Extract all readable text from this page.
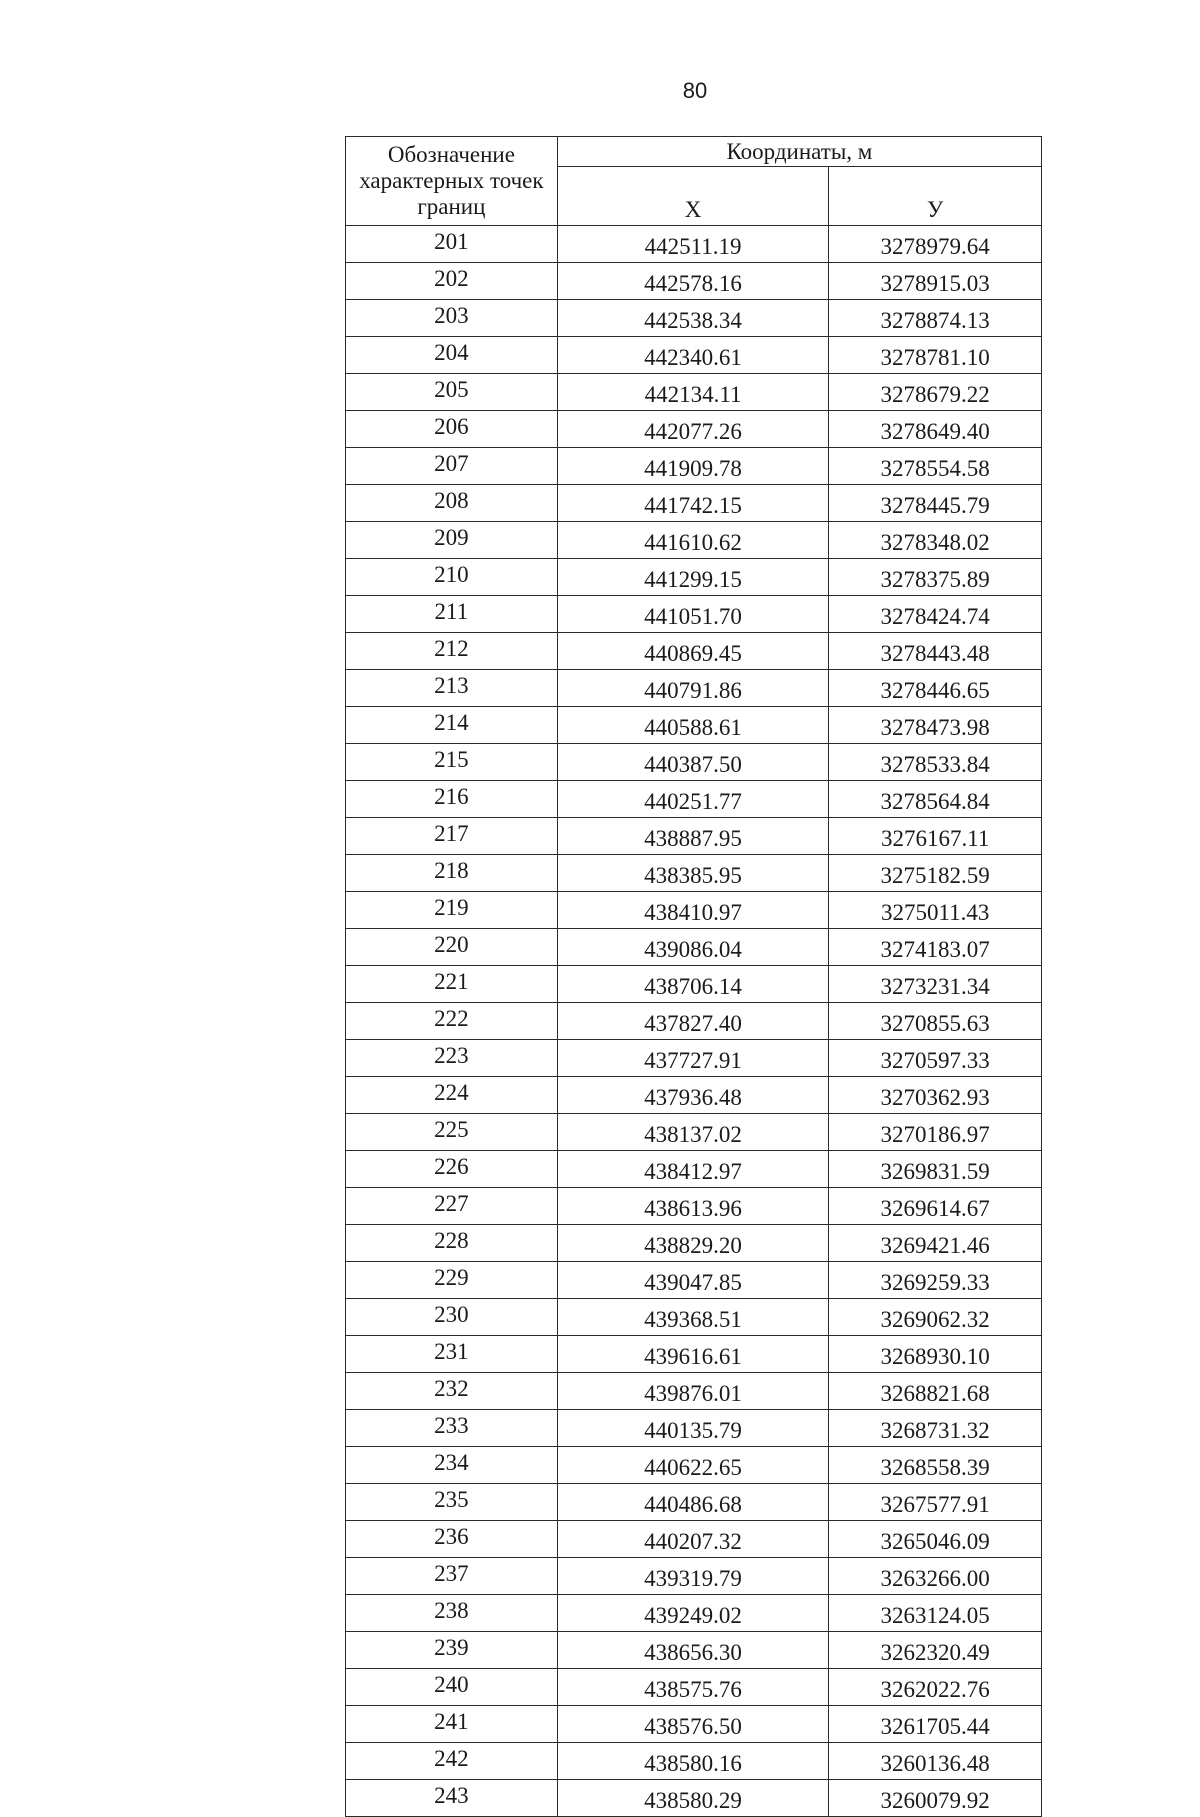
80
Обозначение характерных точек границ	Координаты, м	
	X	У
201	442511.19	3278979.64
202	442578.16	3278915.03
203	442538.34	3278874.13
204	442340.61	3278781.10
205	442134.11	3278679.22
206	442077.26	3278649.40
207	441909.78	3278554.58
208	441742.15	3278445.79
209	441610.62	3278348.02
210	441299.15	3278375.89
211	441051.70	3278424.74
212	440869.45	3278443.48
213	440791.86	3278446.65
214	440588.61	3278473.98
215	440387.50	3278533.84
216	440251.77	3278564.84
217	438887.95	3276167.11
218	438385.95	3275182.59
219	438410.97	3275011.43
220	439086.04	3274183.07
221	438706.14	3273231.34
222	437827.40	3270855.63
223	437727.91	3270597.33
224	437936.48	3270362.93
225	438137.02	3270186.97
226	438412.97	3269831.59
227	438613.96	3269614.67
228	438829.20	3269421.46
229	439047.85	3269259.33
230	439368.51	3269062.32
231	439616.61	3268930.10
232	439876.01	3268821.68
233	440135.79	3268731.32
234	440622.65	3268558.39
235	440486.68	3267577.91
236	440207.32	3265046.09
237	439319.79	3263266.00
238	439249.02	3263124.05
239	438656.30	3262320.49
240	438575.76	3262022.76
241	438576.50	3261705.44
242	438580.16	3260136.48
243	438580.29	3260079.92
